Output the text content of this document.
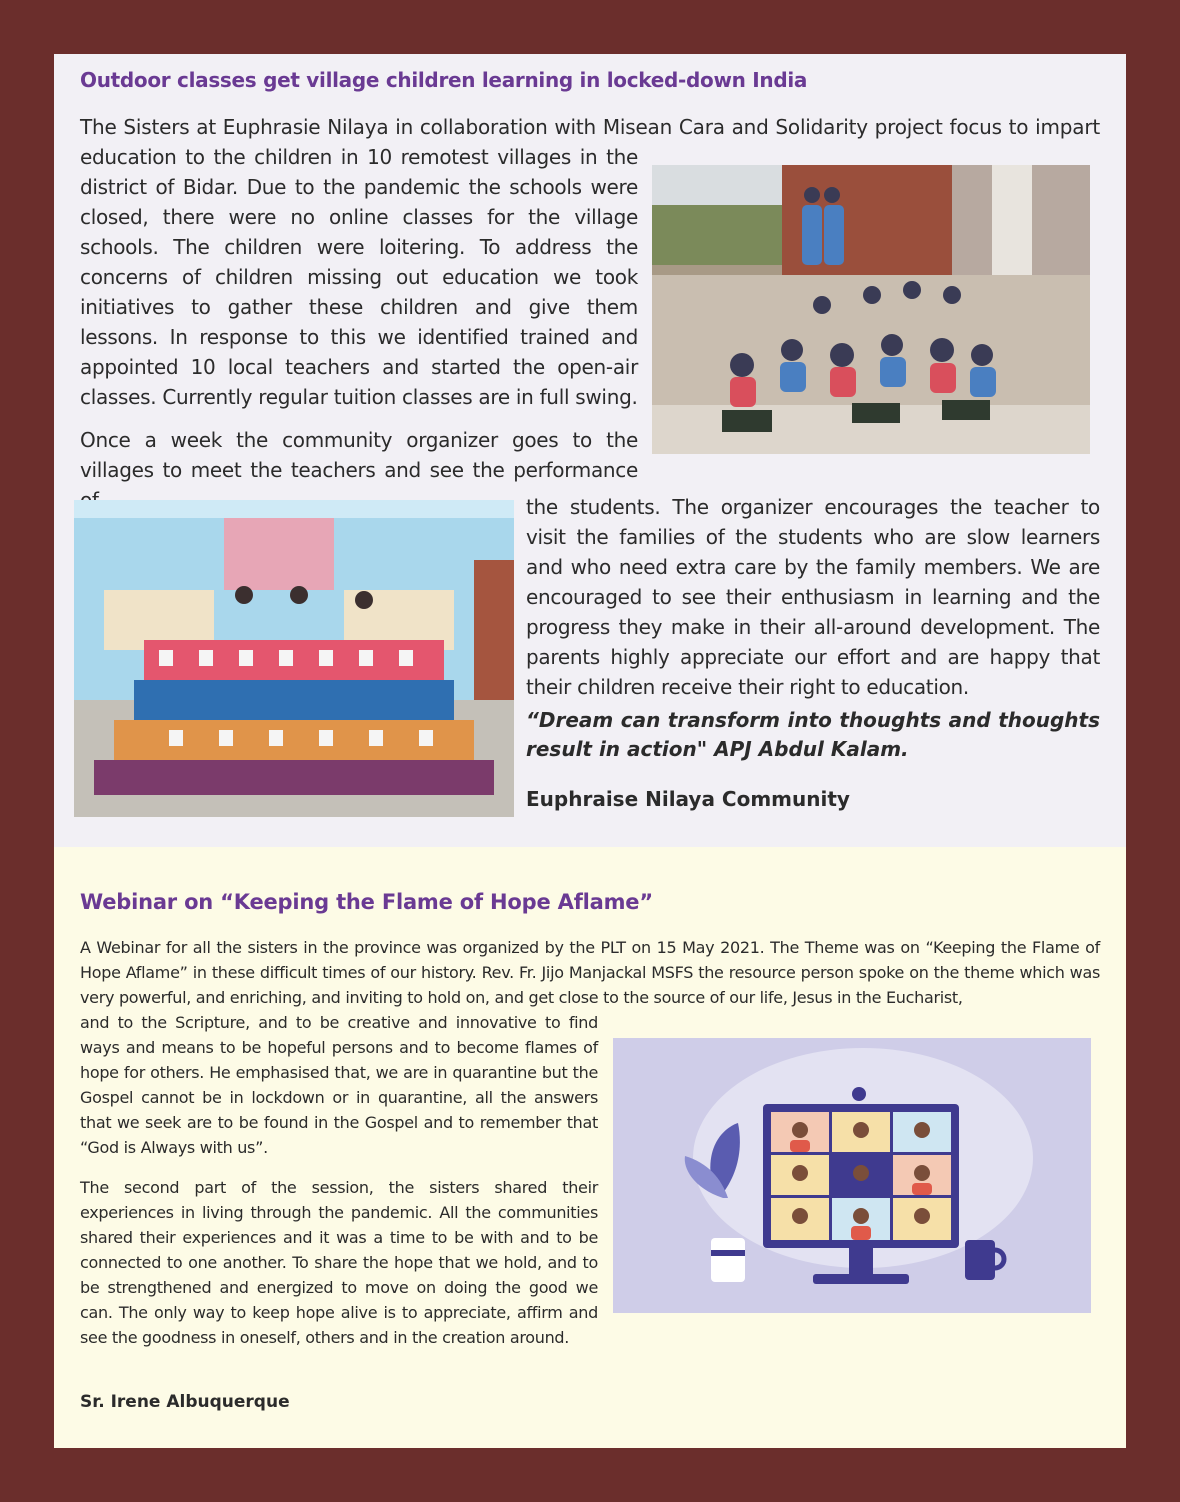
Outdoor classes get village children learning in locked-down India

The Sisters at Euphrasie Nilaya in collaboration with Misean Cara and Solidarity project focus to impart

education to the children in 10 remotest villages in the district of Bidar. Due to the pandemic the schools were closed, there were no online classes for the village schools. The children were loitering. To address the concerns of children missing out education we took initiatives to gather these children and give them lessons. In response to this we identified trained and appointed 10 local teachers and started the open-air classes. Currently regular tuition classes are in full swing.

Once a week the community organizer goes to the villages to meet the teachers and see the performance

the students. The organizer encourages the teacher to visit the families of the students who are slow learners and who need extra care by the family members. We are encouraged to see their enthusiasm in learning and the progress they make in their all-around development. The parents highly appreciate our effort and are happy that their children receive their right to education.

“Dream can transform into thoughts and thoughts result in action" APJ Abdul Kalam.

Euphraise Nilaya Community

Webinar on “Keeping the Flame of Hope Aflame”

A Webinar for all the sisters in the province was organized by the PLT on 15 May 2021. The Theme was on “Keeping the Flame of Hope Aflame” in these difficult times of our history. Rev. Fr. Jijo Manjackal MSFS the resource person spoke on the theme which was very powerful, and enriching, and inviting to hold on, and get close to the source of our life, Jesus in the Eucharist,

and to the Scripture, and to be creative and innovative to find ways and means to be hopeful persons and to become flames of hope for others. He emphasised that, we are in quarantine but the Gospel cannot be in lockdown or in quarantine, all the answers that we seek are to be found in the Gospel and to remember that “God is Always with us”.

The second part of the session, the sisters shared their experiences in living through the pandemic. All the communities shared their experiences and it was a time to be with and to be connected to one another. To share the hope that we hold, and to be strengthened and energized to move on doing the good we can. The only way to keep hope alive is to appreciate, affirm and see the goodness in oneself, others and in the creation around.

Sr. Irene Albuquerque
